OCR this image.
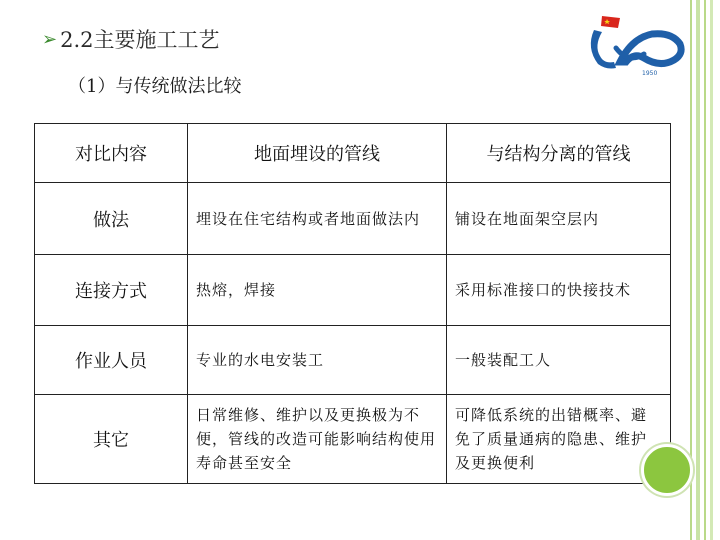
➢ 2.2主要施工工艺
（1）与传统做法比较
1950
对比内容	地面埋设的管线	与结构分离的管线
做法	埋设在住宅结构或者地面做法内	铺设在地面架空层内
连接方式	热熔，焊接	采用标准接口的快接技术
作业人员	专业的水电安装工	一般装配工人
其它	日常维修、维护以及更换极为不便，管线的改造可能影响结构使用寿命甚至安全	可降低系统的出错概率、避免了质量通病的隐患、维护及更换便利
